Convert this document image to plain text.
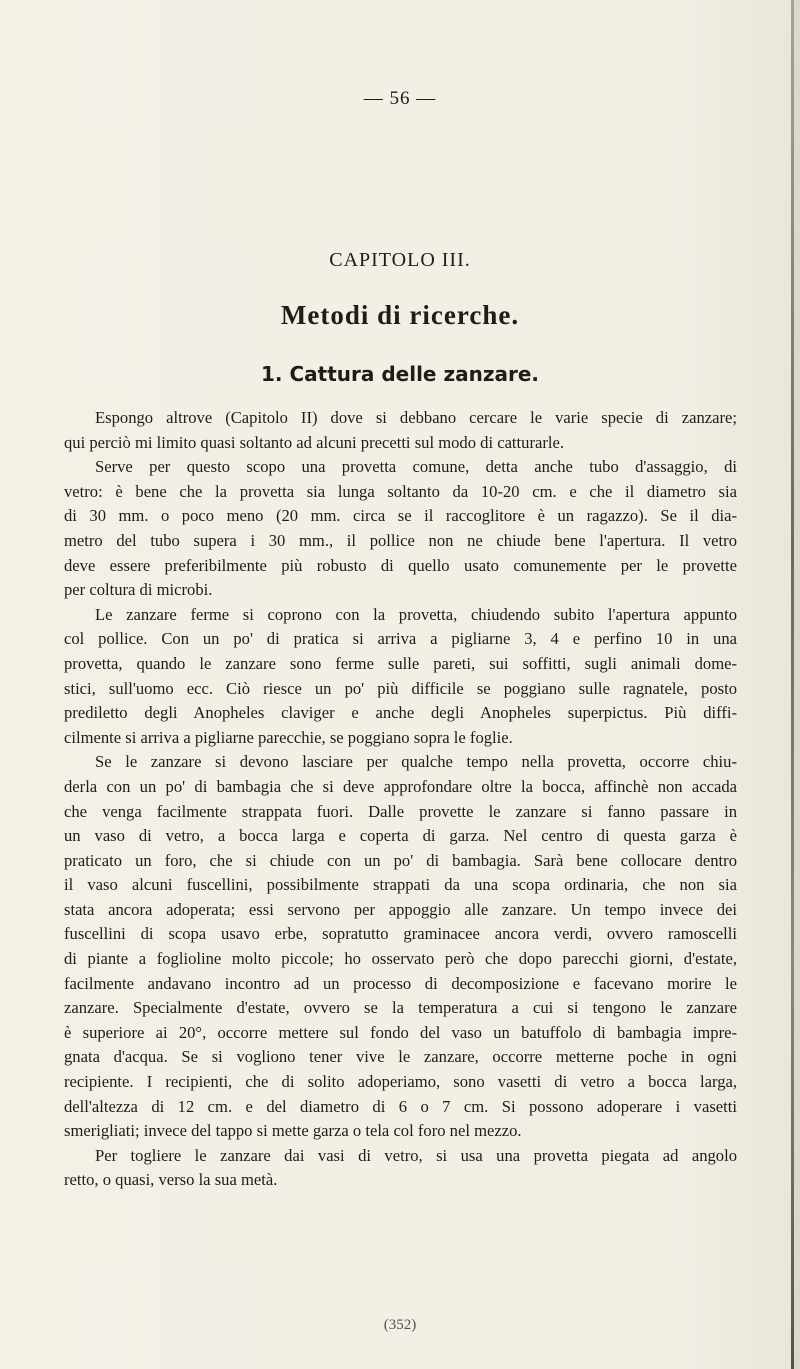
— 56 —
CAPITOLO III.
Metodi di ricerche.
1. Cattura delle zanzare.
Espongo altrove (Capitolo II) dove si debbano cercare le varie specie di zanzare;
qui perciò mi limito quasi soltanto ad alcuni precetti sul modo di catturarle.
Serve per questo scopo una provetta comune, detta anche tubo d'assaggio, di
vetro: è bene che la provetta sia lunga soltanto da 10-20 cm. e che il diametro sia
di 30 mm. o poco meno (20 mm. circa se il raccoglitore è un ragazzo). Se il dia-
metro del tubo supera i 30 mm., il pollice non ne chiude bene l'apertura. Il vetro
deve essere preferibilmente più robusto di quello usato comunemente per le provette
per coltura di microbi.
Le zanzare ferme si coprono con la provetta, chiudendo subito l'apertura appunto
col pollice. Con un po' di pratica si arriva a pigliarne 3, 4 e perfino 10 in una
provetta, quando le zanzare sono ferme sulle pareti, sui soffitti, sugli animali dome-
stici, sull'uomo ecc. Ciò riesce un po' più difficile se poggiano sulle ragnatele, posto
prediletto degli Anopheles claviger e anche degli Anopheles superpictus. Più diffi-
cilmente si arriva a pigliarne parecchie, se poggiano sopra le foglie.
Se le zanzare si devono lasciare per qualche tempo nella provetta, occorre chiu-
derla con un po' di bambagia che si deve approfondare oltre la bocca, affinchè non accada
che venga facilmente strappata fuori. Dalle provette le zanzare si fanno passare in
un vaso di vetro, a bocca larga e coperta di garza. Nel centro di questa garza è
praticato un foro, che si chiude con un po' di bambagia. Sarà bene collocare dentro
il vaso alcuni fuscellini, possibilmente strappati da una scopa ordinaria, che non sia
stata ancora adoperata; essi servono per appoggio alle zanzare. Un tempo invece dei
fuscellini di scopa usavo erbe, sopratutto graminacee ancora verdi, ovvero ramoscelli
di piante a foglioline molto piccole; ho osservato però che dopo parecchi giorni, d'estate,
facilmente andavano incontro ad un processo di decomposizione e facevano morire le
zanzare. Specialmente d'estate, ovvero se la temperatura a cui si tengono le zanzare
è superiore ai 20°, occorre mettere sul fondo del vaso un batuffolo di bambagia impre-
gnata d'acqua. Se si vogliono tener vive le zanzare, occorre metterne poche in ogni
recipiente. I recipienti, che di solito adoperiamo, sono vasetti di vetro a bocca larga,
dell'altezza di 12 cm. e del diametro di 6 o 7 cm. Si possono adoperare i vasetti
smerigliati; invece del tappo si mette garza o tela col foro nel mezzo.
Per togliere le zanzare dai vasi di vetro, si usa una provetta piegata ad angolo
retto, o quasi, verso la sua metà.
(352)
